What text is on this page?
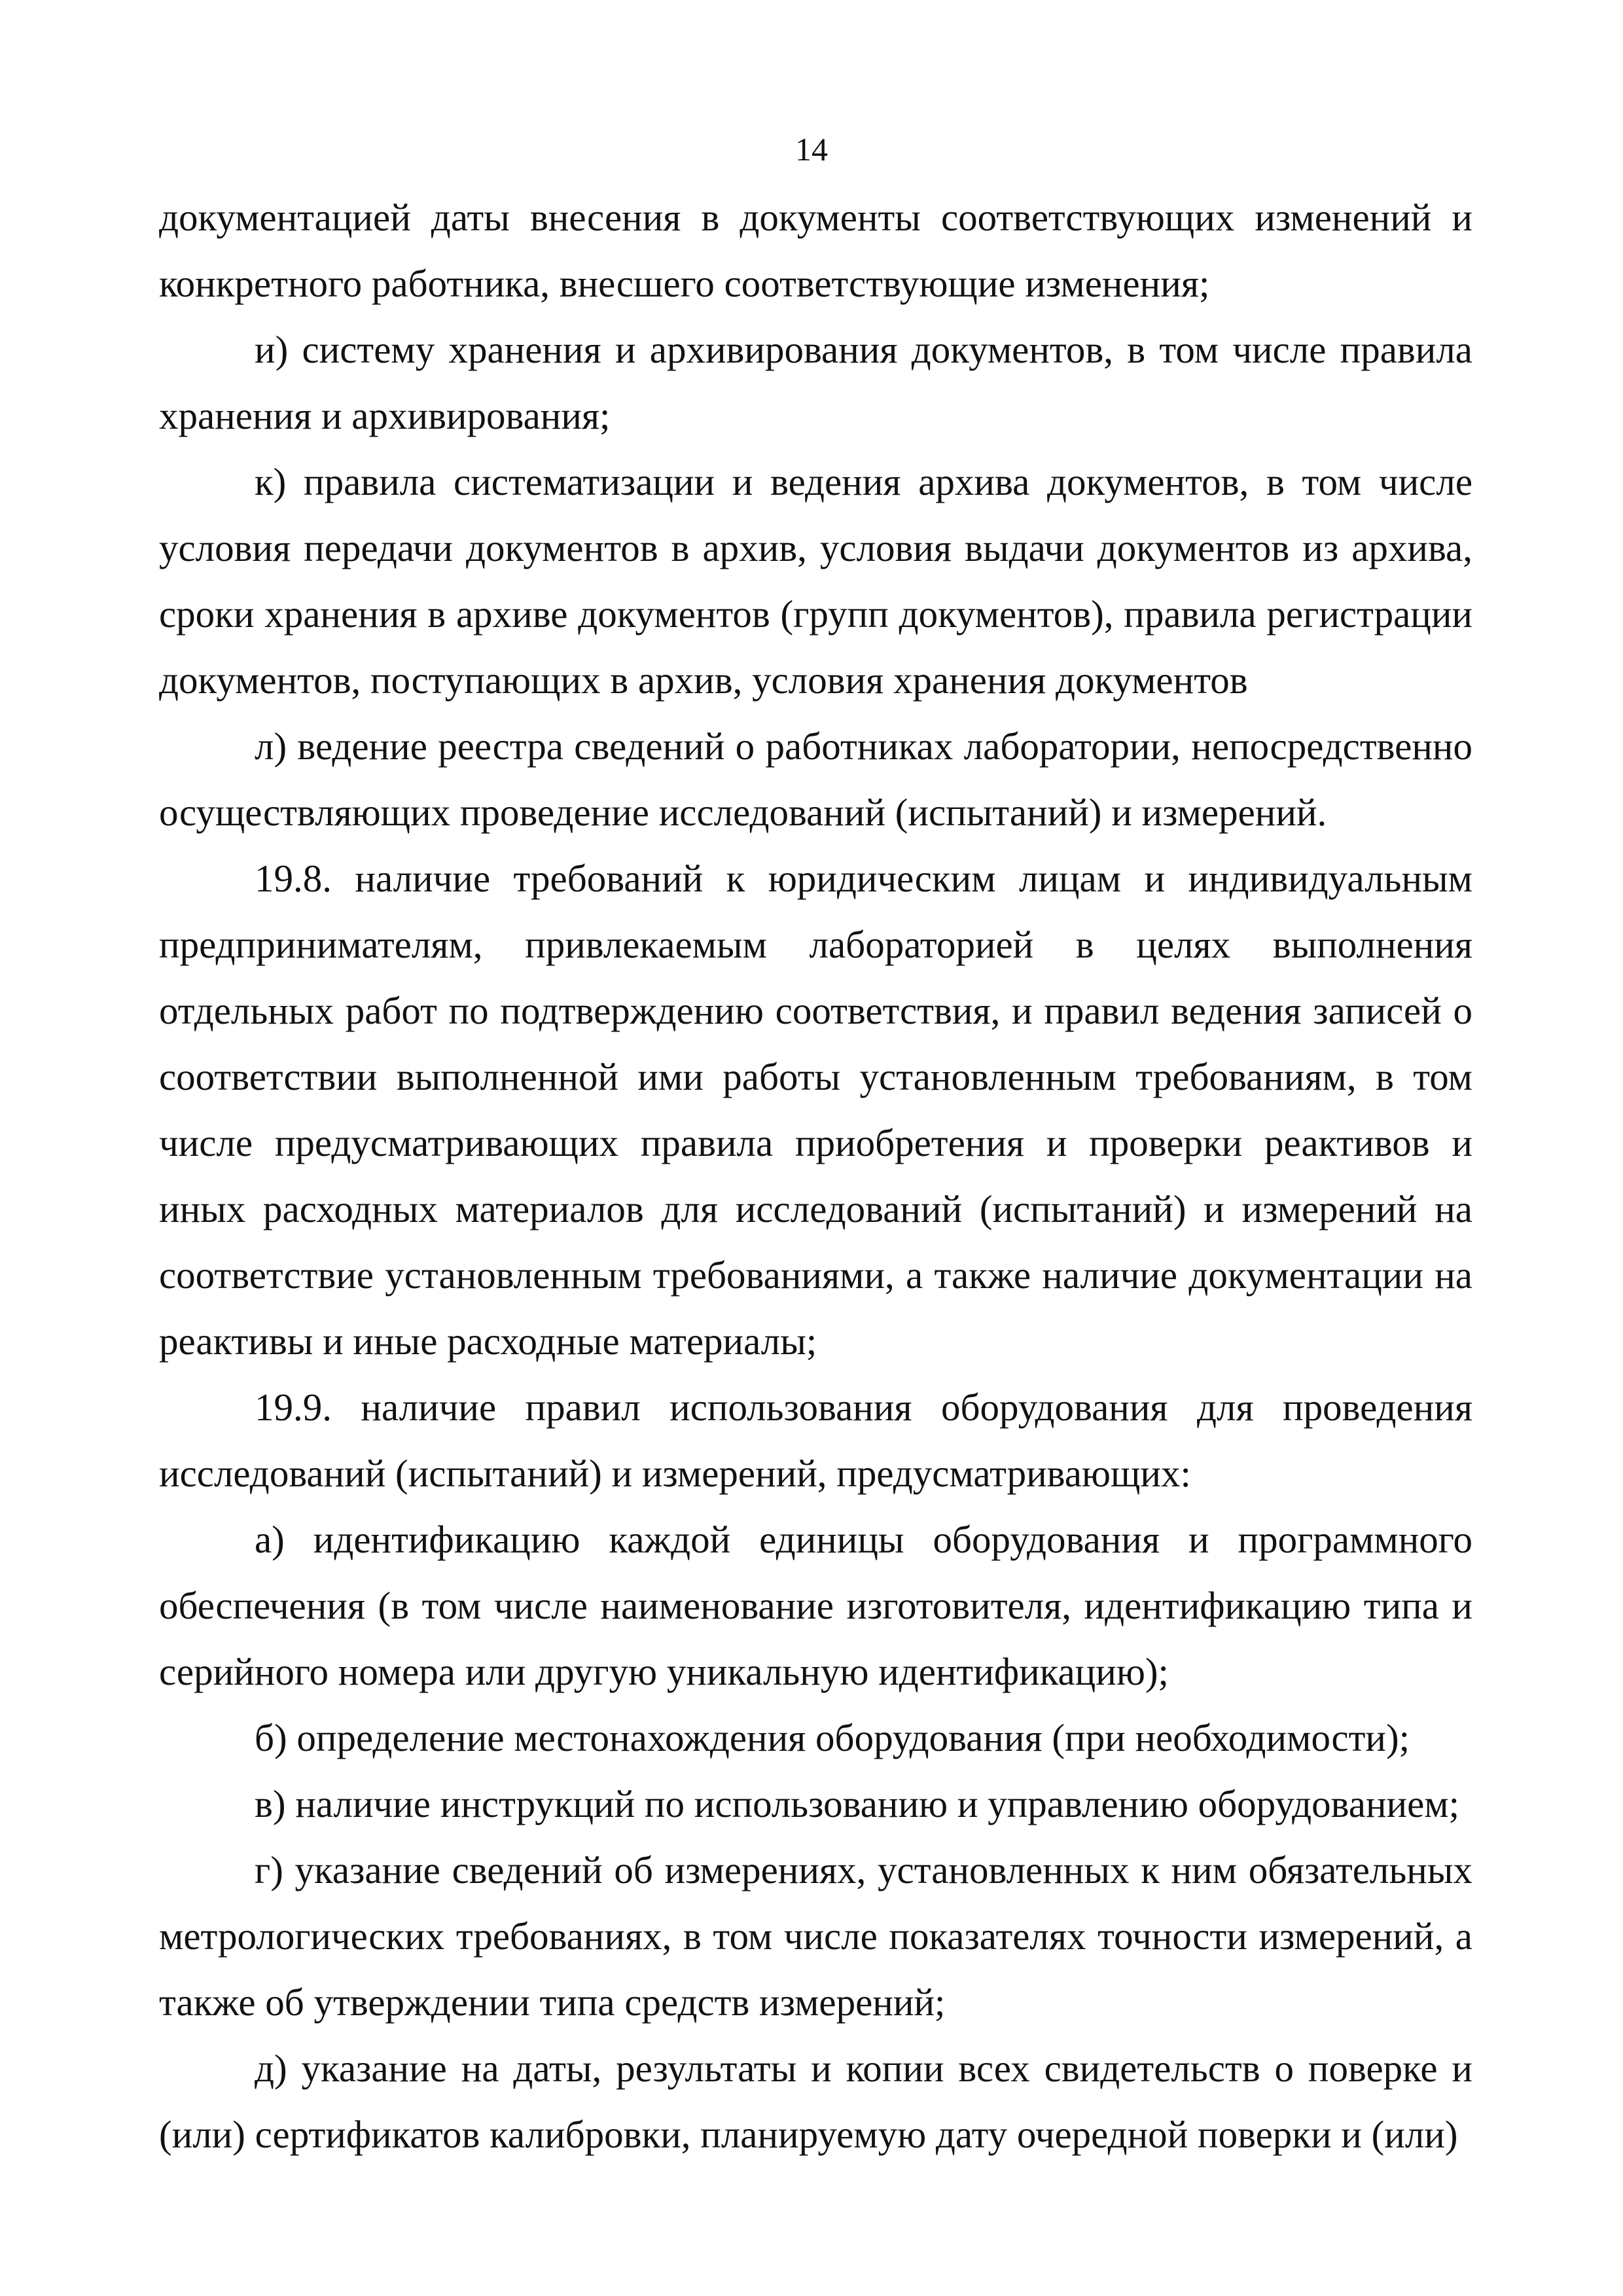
14

документацией даты внесения в документы соответствующих изменений и конкретного работника, внесшего соответствующие изменения;

и) систему хранения и архивирования документов, в том числе правила хранения и архивирования;

к) правила систематизации и ведения архива документов, в том числе условия передачи документов в архив, условия выдачи документов из архива, сроки хранения в архиве документов (групп документов), правила регистрации документов, поступающих в архив, условия хранения документов

л) ведение реестра сведений о работниках лаборатории, непосредственно осуществляющих проведение исследований (испытаний) и измерений.

19.8. наличие требований к юридическим лицам и индивидуальным предпринимателям, привлекаемым лабораторией в целях выполнения отдельных работ по подтверждению соответствия, и правил ведения записей о соответствии выполненной ими работы установленным требованиям, в том числе предусматривающих правила приобретения и проверки реактивов и иных расходных материалов для исследований (испытаний) и измерений на соответствие установленным требованиями, а также наличие документации на реактивы и иные расходные материалы;

19.9. наличие правил использования оборудования для проведения исследований (испытаний) и измерений, предусматривающих:

а) идентификацию каждой единицы оборудования и программного обеспечения (в том числе наименование изготовителя, идентификацию типа и серийного номера или другую уникальную идентификацию);

б) определение местонахождения оборудования (при необходимости);

в) наличие инструкций по использованию и управлению оборудованием;

г) указание сведений об измерениях, установленных к ним обязательных метрологических требованиях, в том числе показателях точности измерений, а также об утверждении типа средств измерений;

д) указание на даты, результаты и копии всех свидетельств о поверке и (или) сертификатов калибровки, планируемую дату очередной поверки и (или)
